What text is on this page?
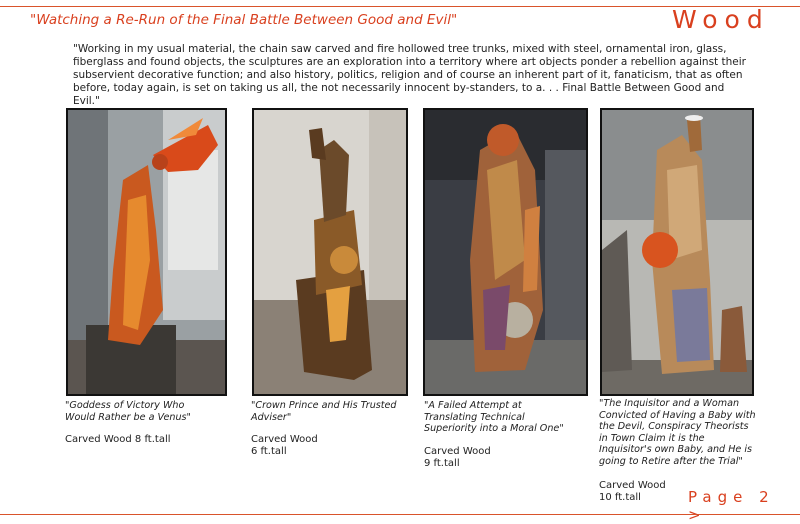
"Watching a Re-Run of the Final Battle Between Good and Evil"	Wood
"Working in my usual material, the chain saw carved and fire hollowed tree trunks, mixed with steel, ornamental iron, glass, fiberglass and found objects, the sculptures are an exploration into a territory where art objects ponder a rebellion against their subservient decorative function; and also history, politics, religion and of course an inherent part of it, fanaticism, that as often before, today again, is set on taking us all, the not necessarily innocent by-standers, to a. . . Final Battle Between Good and Evil."
"Goddess of Victory Who Would Rather be a Venus"
Carved Wood 8 ft.tall
"Crown Prince and His Trusted Adviser"
Carved Wood
6 ft.tall
"A Failed Attempt at Translating Technical Superiority into a Moral One"
Carved Wood
9 ft.tall
"The Inquisitor and a Woman Convicted of Having a Baby with the Devil, Conspiracy Theorists in Town Claim it is the Inquisitor's own Baby, and He is going to Retire after the Trial"
Carved Wood
10 ft.tall	Page 2 >
